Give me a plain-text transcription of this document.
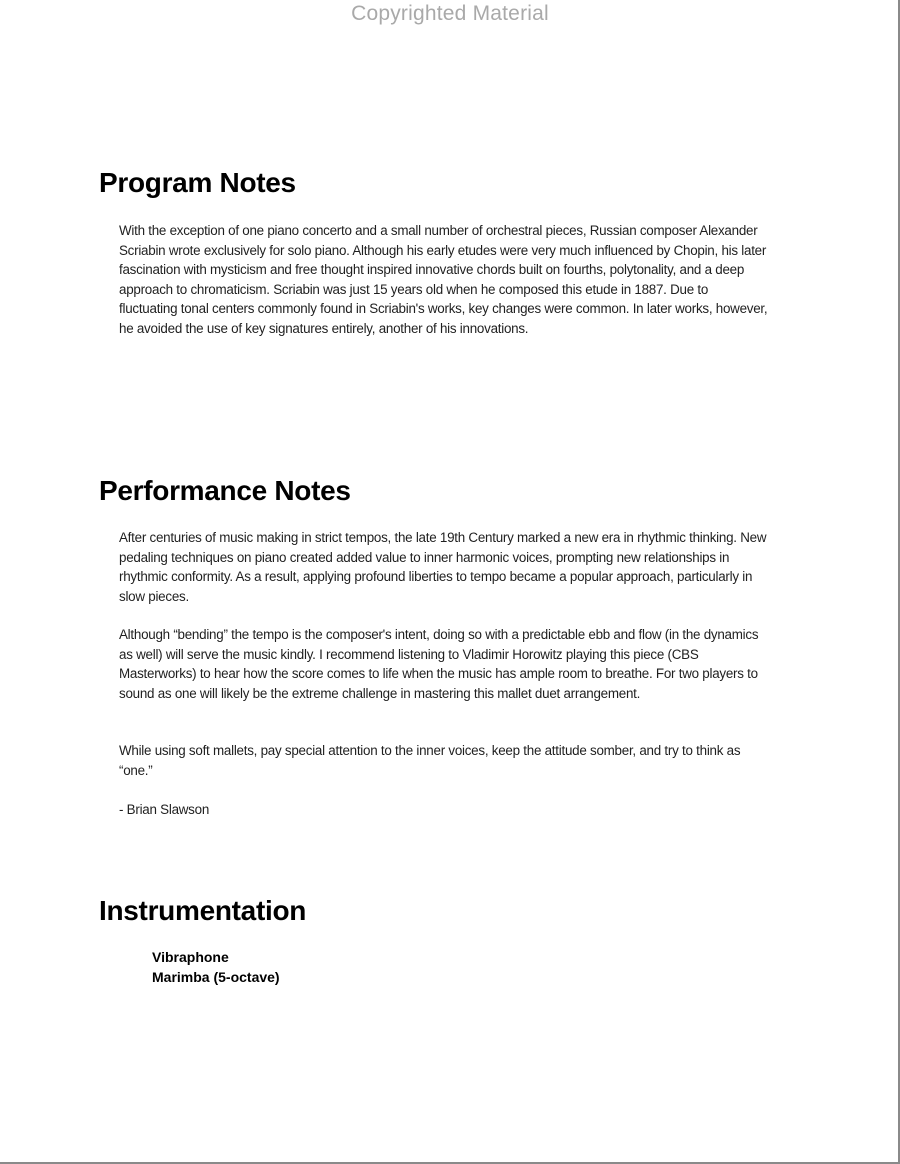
Copyrighted Material
Program Notes

With the exception of one piano concerto and a small number of orchestral pieces, Russian composer Alexander Scriabin wrote exclusively for solo piano. Although his early etudes were very much influenced by Chopin, his later fascination with mysticism and free thought inspired innovative chords built on fourths, polytonality, and a deep approach to chromaticism. Scriabin was just 15 years old when he composed this etude in 1887. Due to fluctuating tonal centers commonly found in Scriabin's works, key changes were common. In later works, however, he avoided the use of key signatures entirely, another of his innovations.

Performance Notes

After centuries of music making in strict tempos, the late 19th Century marked a new era in rhythmic thinking. New pedaling techniques on piano created added value to inner harmonic voices, prompting new relationships in rhythmic conformity. As a result, applying profound liberties to tempo became a popular approach, particularly in slow pieces.

Although “bending” the tempo is the composer's intent, doing so with a predictable ebb and flow (in the dynamics as well) will serve the music kindly. I recommend listening to Vladimir Horowitz playing this piece (CBS Masterworks) to hear how the score comes to life when the music has ample room to breathe. For two players to sound as one will likely be the extreme challenge in mastering this mallet duet arrangement.

While using soft mallets, pay special attention to the inner voices, keep the attitude somber, and try to think as “one.”

- Brian Slawson

Instrumentation
Vibraphone
Marimba (5-octave)
